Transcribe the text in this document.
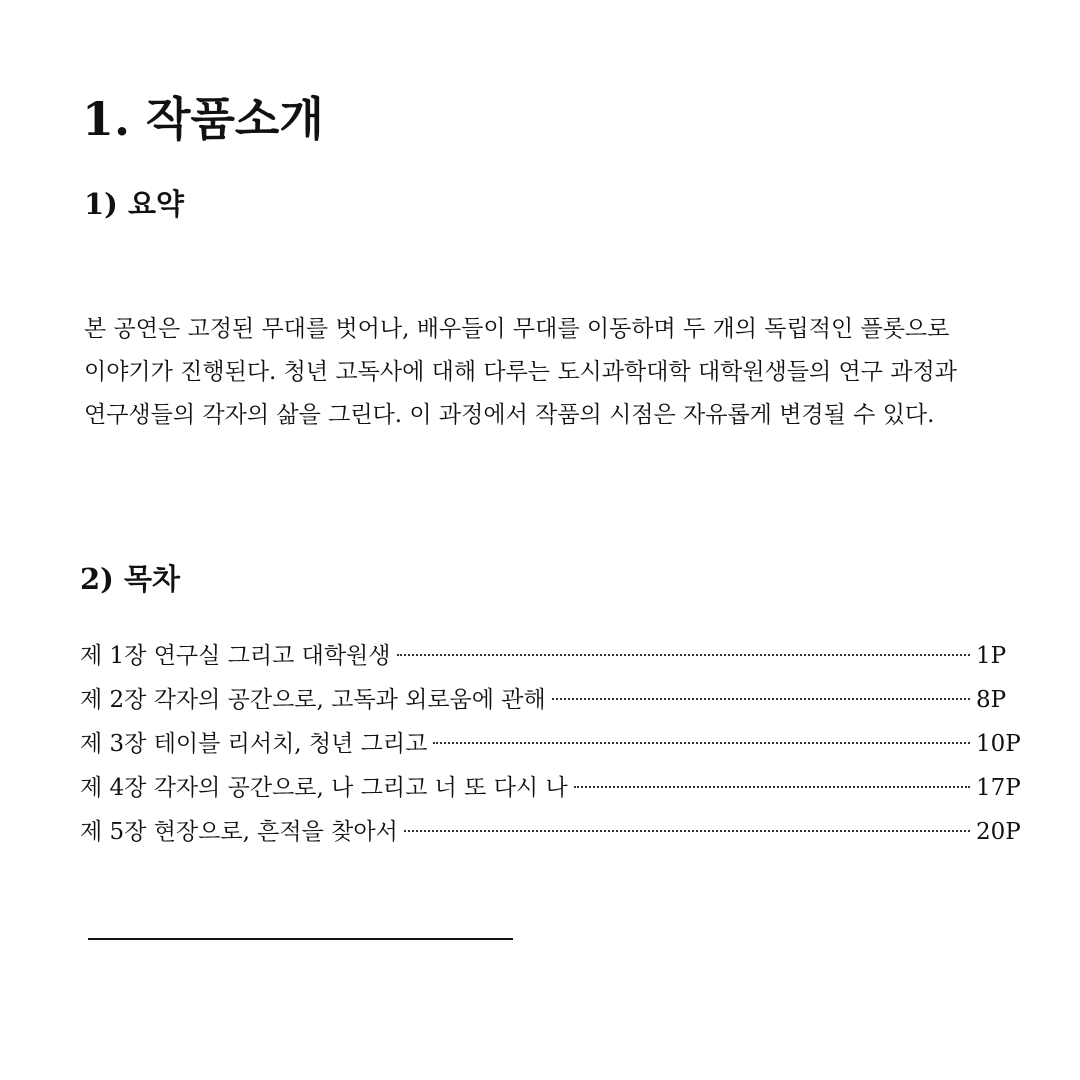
1. 작품소개
1) 요약

본 공연은 고정된 무대를 벗어나, 배우들이 무대를 이동하며 두 개의 독립적인 플롯으로
이야기가 진행된다. 청년 고독사에 대해 다루는 도시과학대학 대학원생들의 연구 과정과
연구생들의 각자의 삶을 그린다. 이 과정에서 작품의 시점은 자유롭게 변경될 수 있다.

2) 목차
제 1장 연구실 그리고 대학원생	1P
제 2장 각자의 공간으로, 고독과 외로움에 관해	8P
제 3장 테이블 리서치, 청년 그리고	10P
제 4장 각자의 공간으로, 나 그리고 너 또 다시 나	17P
제 5장 현장으로, 흔적을 찾아서	20P
